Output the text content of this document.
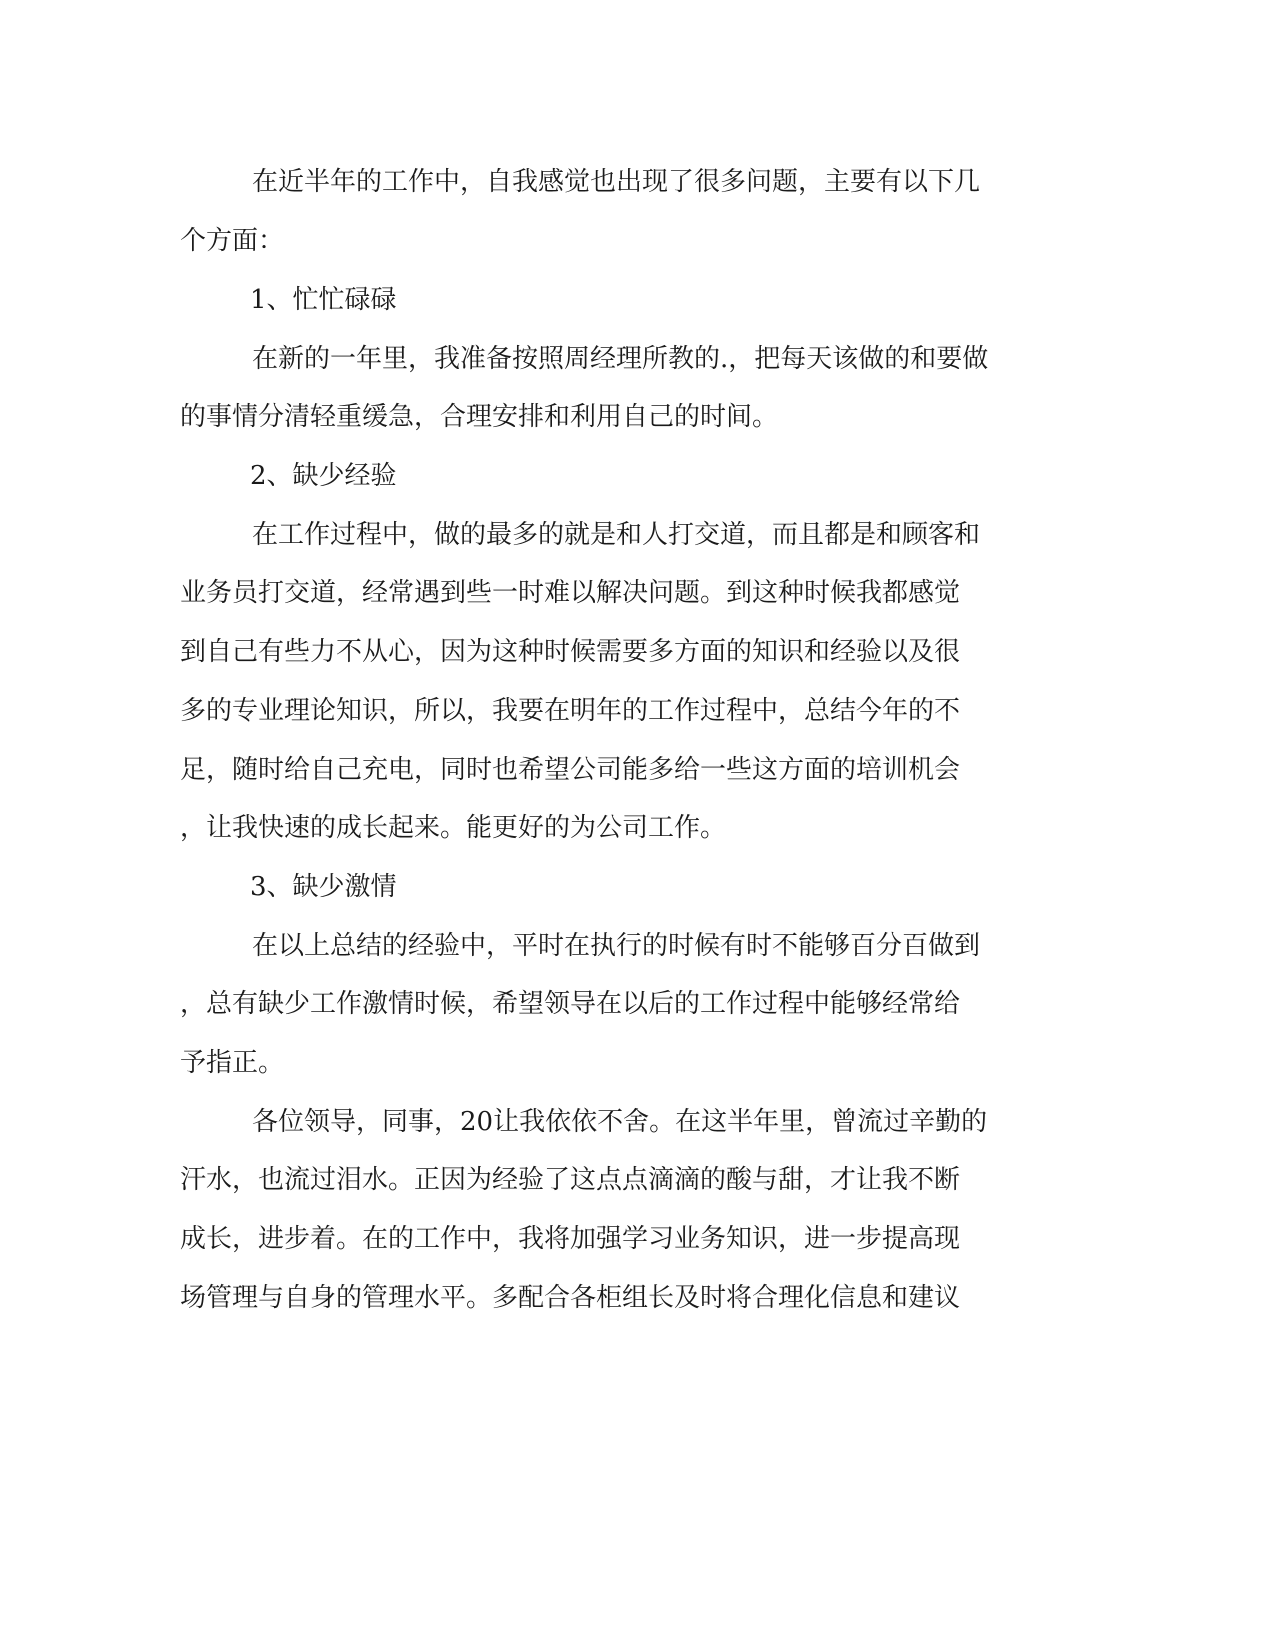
在近半年的工作中，自我感觉也出现了很多问题，主要有以下几

个方面：

1、忙忙碌碌

在新的一年里，我准备按照周经理所教的.，把每天该做的和要做

的事情分清轻重缓急，合理安排和利用自己的时间。

2、缺少经验

在工作过程中，做的最多的就是和人打交道，而且都是和顾客和

业务员打交道，经常遇到些一时难以解决问题。到这种时候我都感觉

到自己有些力不从心，因为这种时候需要多方面的知识和经验以及很

多的专业理论知识，所以，我要在明年的工作过程中，总结今年的不

足，随时给自己充电，同时也希望公司能多给一些这方面的培训机会

，让我快速的成长起来。能更好的为公司工作。

3、缺少激情

在以上总结的经验中，平时在执行的时候有时不能够百分百做到

，总有缺少工作激情时候，希望领导在以后的工作过程中能够经常给

予指正。

各位领导，同事，20让我依依不舍。在这半年里，曾流过辛勤的

汗水，也流过泪水。正因为经验了这点点滴滴的酸与甜，才让我不断

成长，进步着。在的工作中，我将加强学习业务知识，进一步提高现

场管理与自身的管理水平。多配合各柜组长及时将合理化信息和建议
